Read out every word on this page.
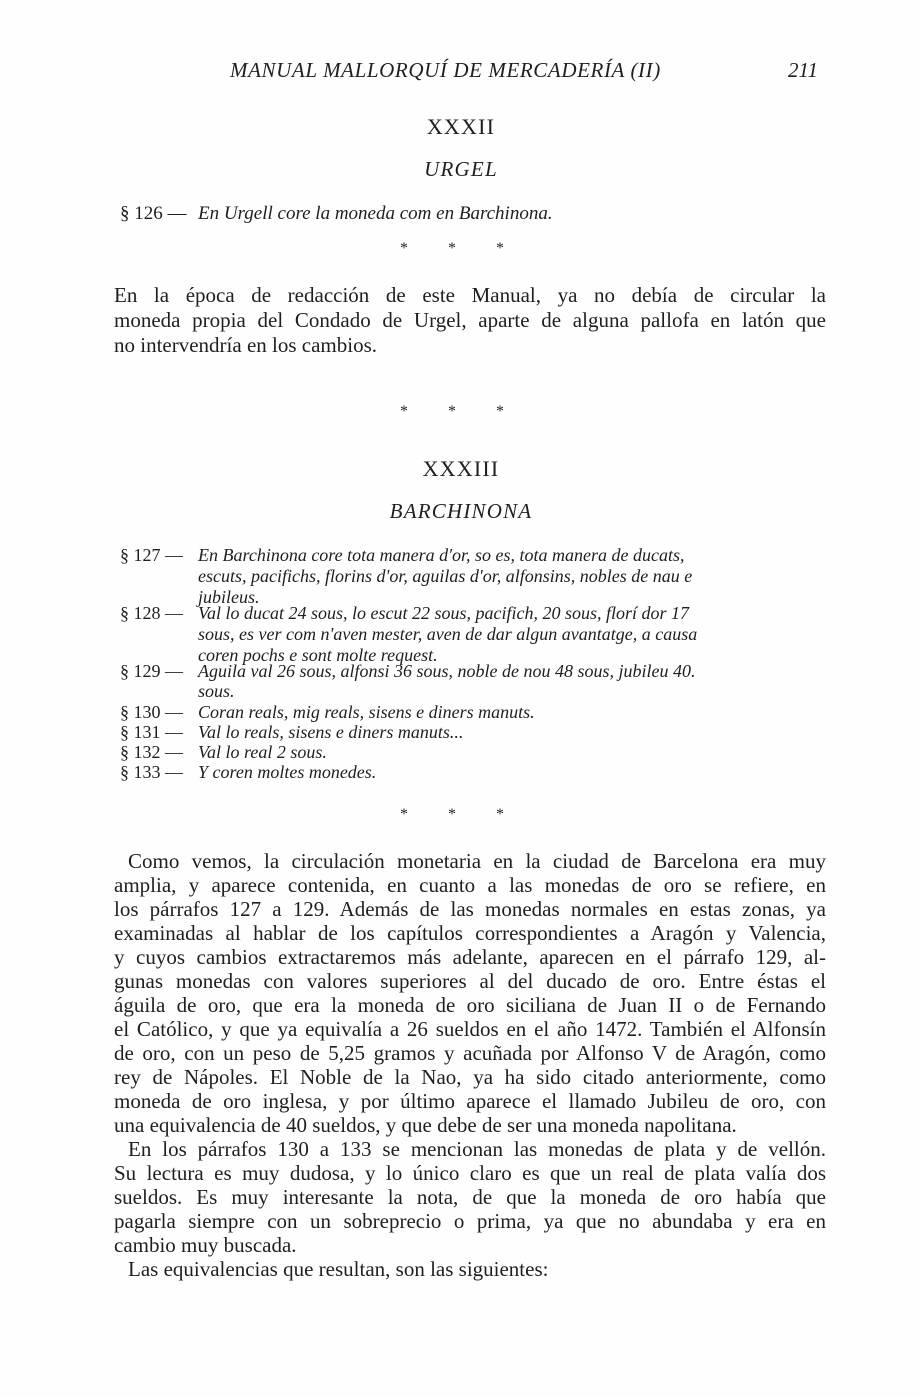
MANUAL MALLORQUÍ DE MERCADERÍA (II)	211
XXXII
URGEL
§ 126 — En Urgell core la moneda com en Barchinona.
* * *
En la época de redacción de este Manual, ya no debía de circular la
moneda propia del Condado de Urgel, aparte de alguna pallofa en latón que
no intervendría en los cambios.
* * *
XXXIII
BARCHINONA
§ 127 — En Barchinona core tota manera d'or, so es, tota manera de ducats,
escuts, pacifichs, florins d'or, aguilas d'or, alfonsins, nobles de nau e
jubileus.
§ 128 — Val lo ducat 24 sous, lo escut 22 sous, pacifich, 20 sous, florí dor 17
sous, es ver com n'aven mester, aven de dar algun avantatge, a causa
coren pochs e sont molte request.
§ 129 — Aguila val 26 sous, alfonsi 36 sous, noble de nou 48 sous, jubileu 40.
sous.
§ 130 — Coran reals, mig reals, sisens e diners manuts.
§ 131 — Val lo reals, sisens e diners manuts...
§ 132 — Val lo real 2 sous.
§ 133 — Y coren moltes monedes.
* * *
Como vemos, la circulación monetaria en la ciudad de Barcelona era muy
amplia, y aparece contenida, en cuanto a las monedas de oro se refiere, en
los párrafos 127 a 129. Además de las monedas normales en estas zonas, ya
examinadas al hablar de los capítulos correspondientes a Aragón y Valencia,
y cuyos cambios extractaremos más adelante, aparecen en el párrafo 129, al-
gunas monedas con valores superiores al del ducado de oro. Entre éstas el
águila de oro, que era la moneda de oro siciliana de Juan II o de Fernando
el Católico, y que ya equivalía a 26 sueldos en el año 1472. También el Alfonsín
de oro, con un peso de 5,25 gramos y acuñada por Alfonso V de Aragón, como
rey de Nápoles. El Noble de la Nao, ya ha sido citado anteriormente, como
moneda de oro inglesa, y por último aparece el llamado Jubileu de oro, con
una equivalencia de 40 sueldos, y que debe de ser una moneda napolitana.
En los párrafos 130 a 133 se mencionan las monedas de plata y de vellón.
Su lectura es muy dudosa, y lo único claro es que un real de plata valía dos
sueldos. Es muy interesante la nota, de que la moneda de oro había que
pagarla siempre con un sobreprecio o prima, ya que no abundaba y era en
cambio muy buscada.
Las equivalencias que resultan, son las siguientes:
